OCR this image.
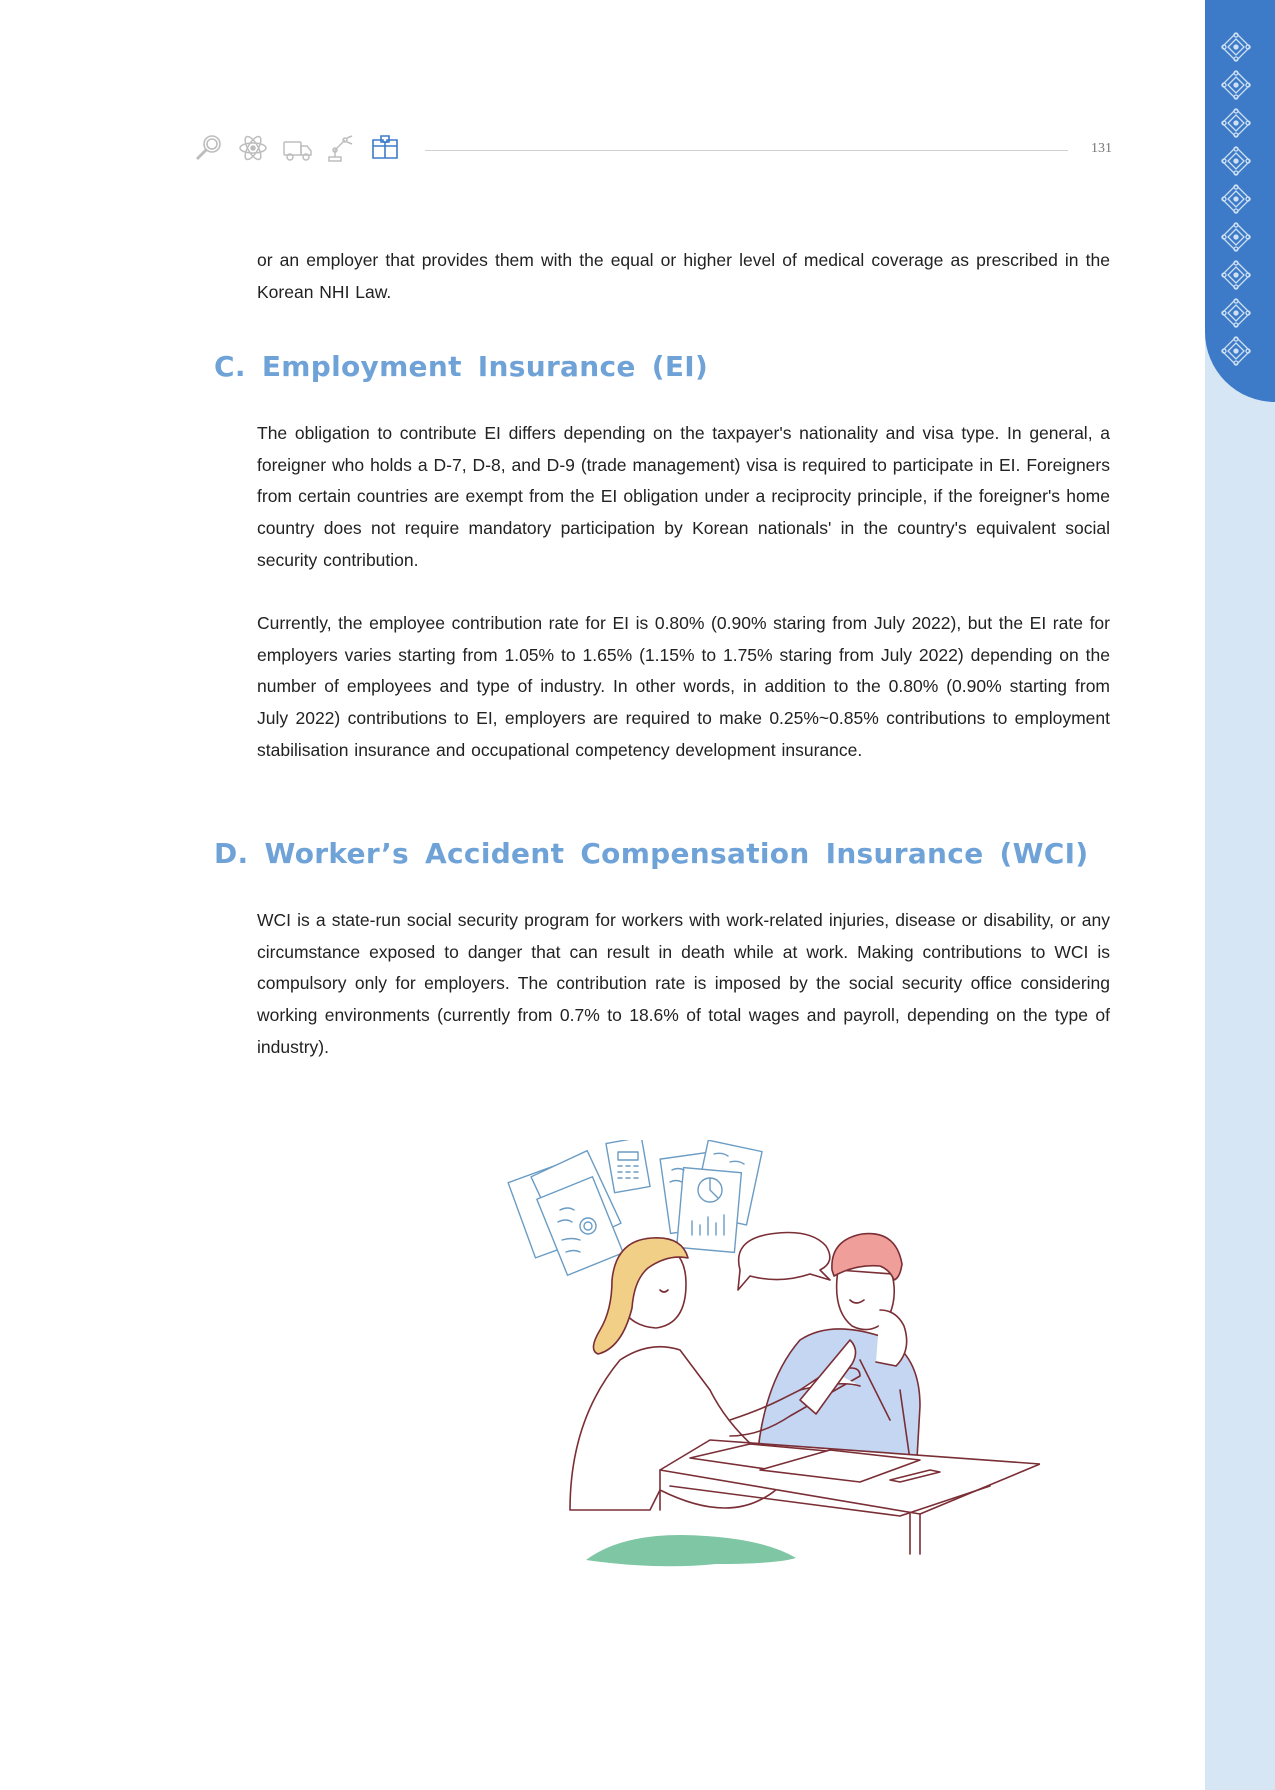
131

or an employer that provides them with the equal or higher level of medical coverage as prescribed in the Korean NHI Law.

C. Employment Insurance (EI)

The obligation to contribute EI differs depending on the taxpayer's nationality and visa type. In general, a foreigner who holds a D-7, D-8, and D-9 (trade management) visa is required to participate in EI. Foreigners from certain countries are exempt from the EI obligation under a reciprocity principle, if the foreigner's home country does not require mandatory participation by Korean nationals' in the country's equivalent social security contribution.

Currently, the employee contribution rate for EI is 0.80% (0.90% staring from July 2022), but the EI rate for employers varies starting from 1.05% to 1.65% (1.15% to 1.75% staring from July 2022) depending on the number of employees and type of industry. In other words, in addition to the 0.80% (0.90% starting from July 2022) contributions to EI, employers are required to make 0.25%~0.85% contributions to employment stabilisation insurance and occupational competency development insurance.

D. Worker’s Accident Compensation Insurance (WCI)

WCI is a state-run social security program for workers with work-related injuries, disease or disability, or any circumstance exposed to danger that can result in death while at work. Making contributions to WCI is compulsory only for employers. The contribution rate is imposed by the social security office considering working environments (currently from 0.7% to 18.6% of total wages and payroll, depending on the type of industry).
